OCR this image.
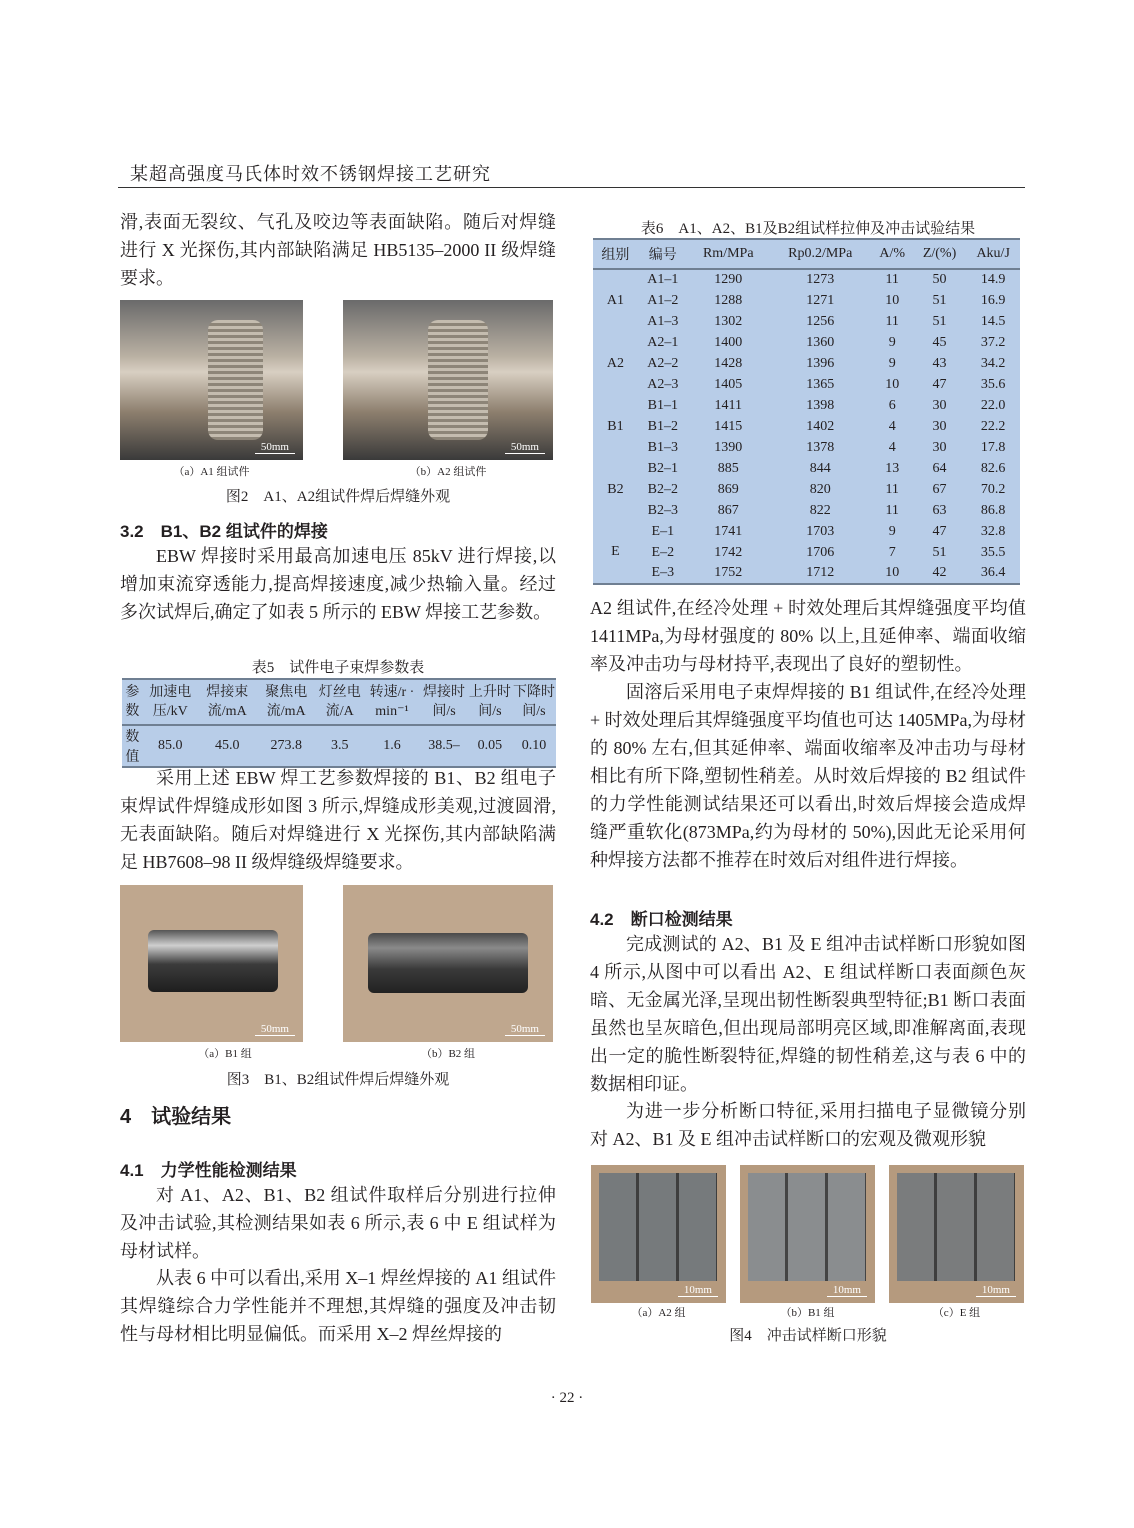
某超高强度马氏体时效不锈钢焊接工艺研究

滑,表面无裂纹、气孔及咬边等表面缺陷。随后对焊缝进行 X 光探伤,其内部缺陷满足 HB5135–2000 II 级焊缝要求。

50mm	50mm
（a）A1 组试件	（b）A2 组试件
图2　A1、A2组试件焊后焊缝外观
3.2　B1、B2 组试件的焊接

EBW 焊接时采用最高加速电压 85kV 进行焊接,以增加束流穿透能力,提高焊接速度,减少热输入量。经过多次试焊后,确定了如表 5 所示的 EBW 焊接工艺参数。

表5　试件电子束焊参数表
参数	加速电压/kV	焊接束流/mA	聚焦电流/mA	灯丝电流/A	转速/r · min⁻¹	焊接时间/s	上升时间/s	下降时间/s
数值	85.0	45.0	273.8	3.5	1.6	38.5–	0.05	0.10

采用上述 EBW 焊工艺参数焊接的 B1、B2 组电子束焊试件焊缝成形如图 3 所示,焊缝成形美观,过渡圆滑,无表面缺陷。随后对焊缝进行 X 光探伤,其内部缺陷满足 HB7608–98 II 级焊缝级焊缝要求。

50mm	50mm
（a）B1 组	（b）B2 组
图3　B1、B2组试件焊后焊缝外观
4　试验结果
4.1　力学性能检测结果

对 A1、A2、B1、B2 组试件取样后分别进行拉伸及冲击试验,其检测结果如表 6 所示,表 6 中 E 组试样为母材试样。

从表 6 中可以看出,采用 X–1 焊丝焊接的 A1 组试件其焊缝综合力学性能并不理想,其焊缝的强度及冲击韧性与母材相比明显偏低。而采用 X–2 焊丝焊接的

表6　A1、A2、B1及B2组试样拉伸及冲击试验结果
组别	编号	Rm/MPa	Rp0.2/MPa	A/%	Z/(%)	Aku/J
A1	A1–1	1290	1273	11	50	14.9
	A1–2	1288	1271	10	51	16.9
	A1–3	1302	1256	11	51	14.5
A2	A2–1	1400	1360	9	45	37.2
	A2–2	1428	1396	9	43	34.2
	A2–3	1405	1365	10	47	35.6
B1	B1–1	1411	1398	6	30	22.0
	B1–2	1415	1402	4	30	22.2
	B1–3	1390	1378	4	30	17.8
B2	B2–1	885	844	13	64	82.6
	B2–2	869	820	11	67	70.2
	B2–3	867	822	11	63	86.8
E	E–1	1741	1703	9	47	32.8
	E–2	1742	1706	7	51	35.5
	E–3	1752	1712	10	42	36.4

A2 组试件,在经冷处理 + 时效处理后其焊缝强度平均值 1411MPa,为母材强度的 80% 以上,且延伸率、端面收缩率及冲击功与母材持平,表现出了良好的塑韧性。

固溶后采用电子束焊焊接的 B1 组试件,在经冷处理 + 时效处理后其焊缝强度平均值也可达 1405MPa,为母材的 80% 左右,但其延伸率、端面收缩率及冲击功与母材相比有所下降,塑韧性稍差。从时效后焊接的 B2 组试件的力学性能测试结果还可以看出,时效后焊接会造成焊缝严重软化(873MPa,约为母材的 50%),因此无论采用何种焊接方法都不推荐在时效后对组件进行焊接。

4.2　断口检测结果

完成测试的 A2、B1 及 E 组冲击试样断口形貌如图 4 所示,从图中可以看出 A2、E 组试样断口表面颜色灰暗、无金属光泽,呈现出韧性断裂典型特征;B1 断口表面虽然也呈灰暗色,但出现局部明亮区域,即准解离面,表现出一定的脆性断裂特征,焊缝的韧性稍差,这与表 6 中的数据相印证。

为进一步分析断口特征,采用扫描电子显微镜分别对 A2、B1 及 E 组冲击试样断口的宏观及微观形貌

10mm	10mm	10mm
（a）A2 组	（b）B1 组	（c）E 组
图4　冲击试样断口形貌
· 22 ·
